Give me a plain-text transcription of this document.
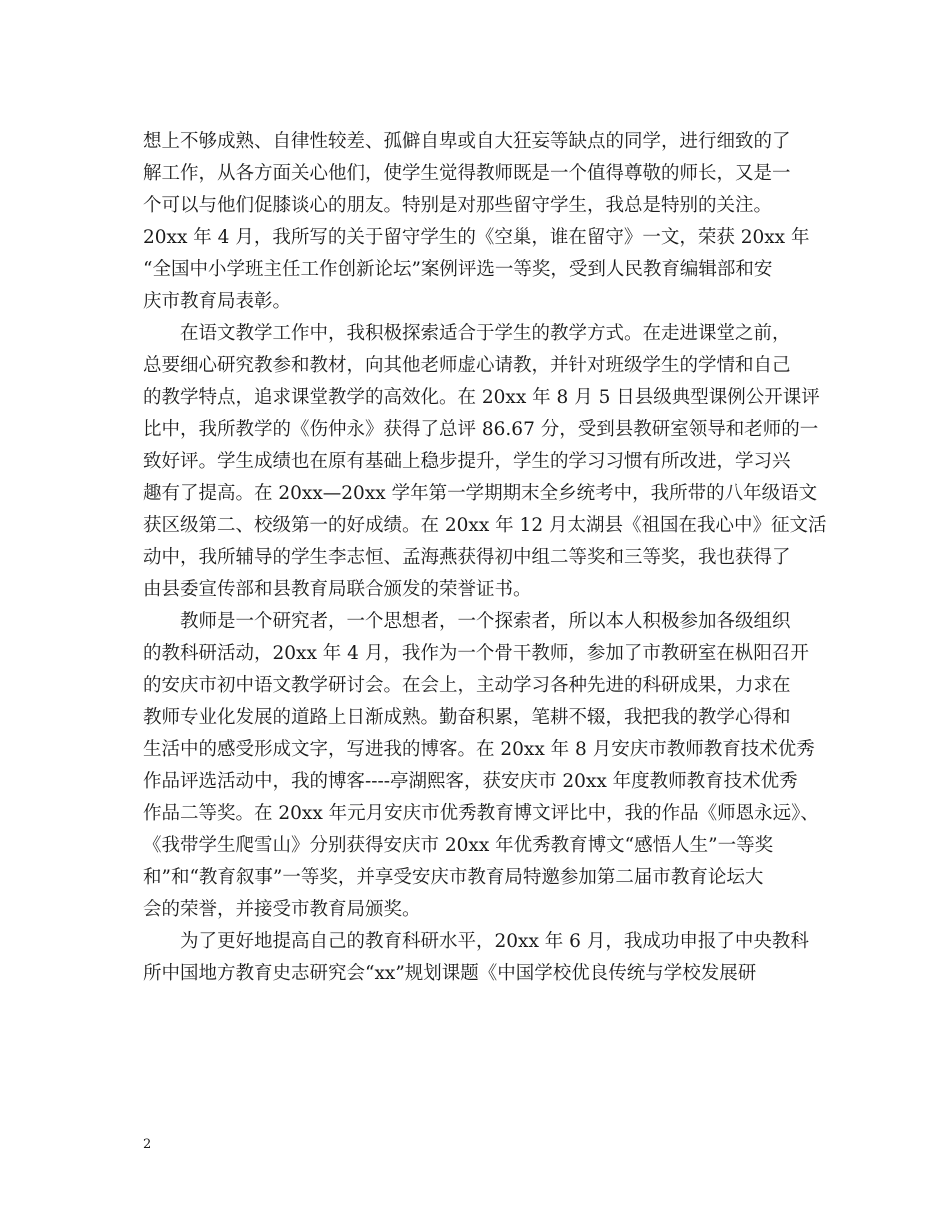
想上不够成熟、自律性较差、孤僻自卑或自大狂妄等缺点的同学，进行细致的了
解工作，从各方面关心他们，使学生觉得教师既是一个值得尊敬的师长，又是一
个可以与他们促膝谈心的朋友。特别是对那些留守学生，我总是特别的关注。
20xx 年 4 月，我所写的关于留守学生的《空巢，谁在留守》一文，荣获 20xx 年
“全国中小学班主任工作创新论坛”案例评选一等奖，受到人民教育编辑部和安
庆市教育局表彰。
在语文教学工作中，我积极探索适合于学生的教学方式。在走进课堂之前，
总要细心研究教参和教材，向其他老师虚心请教，并针对班级学生的学情和自己
的教学特点，追求课堂教学的高效化。在 20xx 年 8 月 5 日县级典型课例公开课评
比中，我所教学的《伤仲永》获得了总评 86.67 分，受到县教研室领导和老师的一
致好评。学生成绩也在原有基础上稳步提升，学生的学习习惯有所改进，学习兴
趣有了提高。在 20xx—20xx 学年第一学期期末全乡统考中，我所带的八年级语文
获区级第二、校级第一的好成绩。在 20xx 年 12 月太湖县《祖国在我心中》征文活
动中，我所辅导的学生李志恒、孟海燕获得初中组二等奖和三等奖，我也获得了
由县委宣传部和县教育局联合颁发的荣誉证书。
教师是一个研究者，一个思想者，一个探索者，所以本人积极参加各级组织
的教科研活动，20xx 年 4 月，我作为一个骨干教师，参加了市教研室在枞阳召开
的安庆市初中语文教学研讨会。在会上，主动学习各种先进的科研成果，力求在
教师专业化发展的道路上日渐成熟。勤奋积累，笔耕不辍，我把我的教学心得和
生活中的感受形成文字，写进我的博客。在 20xx 年 8 月安庆市教师教育技术优秀
作品评选活动中，我的博客----亭湖熙客，获安庆市 20xx 年度教师教育技术优秀
作品二等奖。在 20xx 年元月安庆市优秀教育博文评比中，我的作品《师恩永远》、
《我带学生爬雪山》分别获得安庆市 20xx 年优秀教育博文“感悟人生”一等奖
和”和“教育叙事”一等奖，并享受安庆市教育局特邀参加第二届市教育论坛大
会的荣誉，并接受市教育局颁奖。
为了更好地提高自己的教育科研水平，20xx 年 6 月，我成功申报了中央教科
所中国地方教育史志研究会“xx”规划课题《中国学校优良传统与学校发展研
2
